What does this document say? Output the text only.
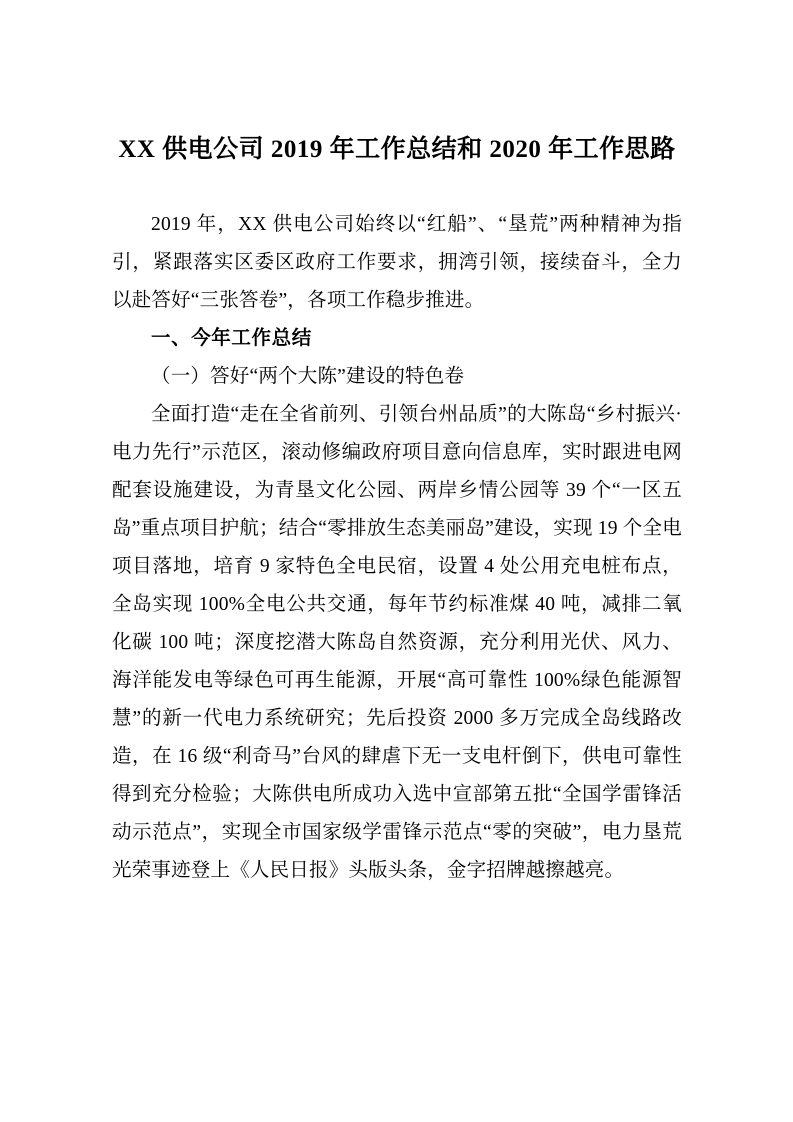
XX 供电公司 2019 年工作总结和 2020 年工作思路

2019 年，XX 供电公司始终以“红船”、“垦荒”两种精神为指引，紧跟落实区委区政府工作要求，拥湾引领，接续奋斗，全力以赴答好“三张答卷”，各项工作稳步推进。

一、今年工作总结

（一）答好“两个大陈”建设的特色卷

全面打造“走在全省前列、引领台州品质”的大陈岛“乡村振兴·电力先行”示范区，滚动修编政府项目意向信息库，实时跟进电网配套设施建设，为青垦文化公园、两岸乡情公园等 39 个“一区五岛”重点项目护航；结合“零排放生态美丽岛”建设，实现 19 个全电项目落地，培育 9 家特色全电民宿，设置 4 处公用充电桩布点，全岛实现 100%全电公共交通，每年节约标准煤 40 吨，减排二氧化碳 100 吨；深度挖潜大陈岛自然资源，充分利用光伏、风力、海洋能发电等绿色可再生能源，开展“高可靠性 100%绿色能源智慧”的新一代电力系统研究；先后投资 2000 多万完成全岛线路改造，在 16 级“利奇马”台风的肆虐下无一支电杆倒下，供电可靠性得到充分检验；大陈供电所成功入选中宣部第五批“全国学雷锋活动示范点”，实现全市国家级学雷锋示范点“零的突破”，电力垦荒光荣事迹登上《人民日报》头版头条，金字招牌越擦越亮。
